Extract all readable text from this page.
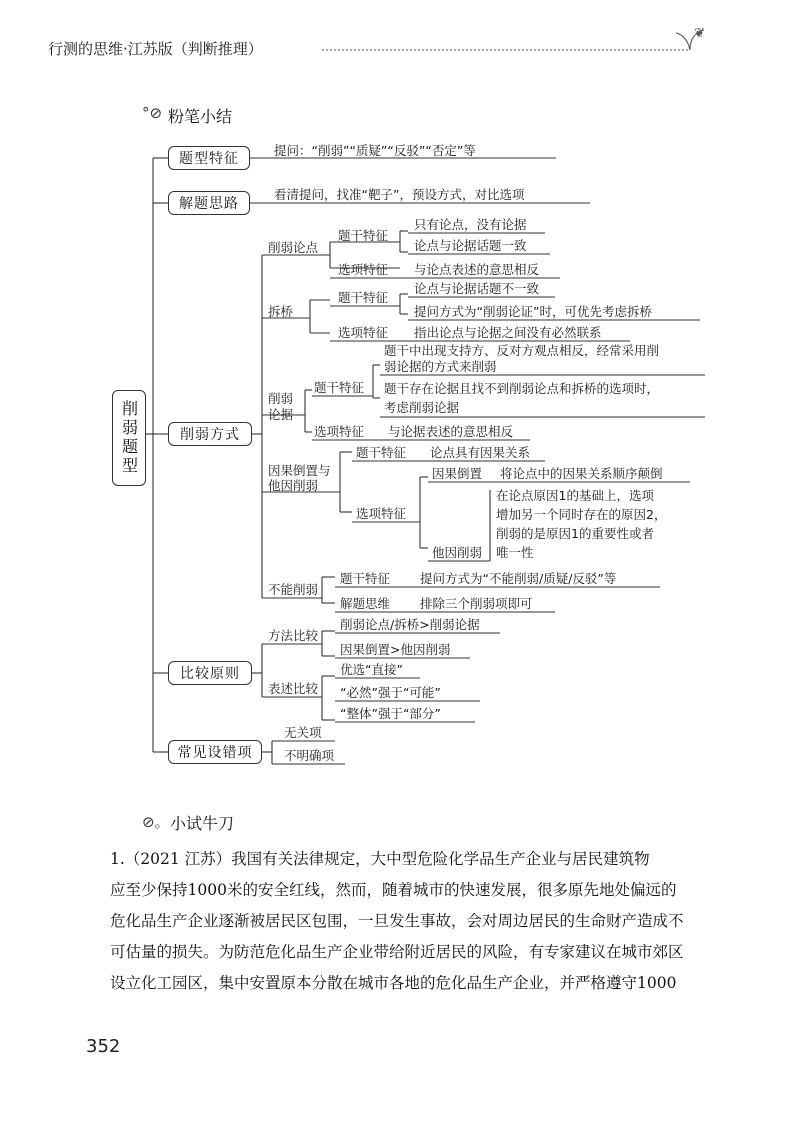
行测的思维·江苏版（判断推理）
❦
°⊘ 粉笔小结
削弱题型
题型特征
解题思路
削弱方式
比较原则
常见设错项
提问：“削弱”“质疑”“反驳”“否定”等
看清提问，找准“靶子”，预设方式，对比选项
削弱论点
题干特征
只有论点，没有论据
论点与论据话题一致
选项特征 与论点表述的意思相反
拆桥
题干特征
论点与论据话题不一致
提问方式为“削弱论证”时，可优先考虑拆桥
选项特征 指出论点与论据之间没有必然联系
削弱
论据
题干特征
题干中出现支持方、反对方观点相反，经常采用削
弱论据的方式来削弱
题干存在论据且找不到削弱论点和拆桥的选项时，
考虑削弱论据
选项特征 与论据表述的意思相反
因果倒置与
他因削弱
题干特征 论点具有因果关系
选项特征
因果倒置 将论点中的因果关系顺序颠倒
他因削弱
在论点原因1的基础上，选项
增加另一个同时存在的原因2，
削弱的是原因1的重要性或者
唯一性
不能削弱
题干特征 提问方式为“不能削弱/质疑/反驳”等
解题思维 排除三个削弱项即可
方法比较
削弱论点/拆桥>削弱论据
因果倒置>他因削弱
表述比较
优选“直接”
“必然”强于“可能”
“整体”强于“部分”
无关项
不明确项
⊘。 小试牛刀
1.（2021 江苏）我国有关法律规定，大中型危险化学品生产企业与居民建筑物
应至少保持1000米的安全红线，然而，随着城市的快速发展，很多原先地处偏远的
危化品生产企业逐渐被居民区包围，一旦发生事故，会对周边居民的生命财产造成不
可估量的损失。为防范危化品生产企业带给附近居民的风险，有专家建议在城市郊区
设立化工园区，集中安置原本分散在城市各地的危化品生产企业，并严格遵守1000
352
